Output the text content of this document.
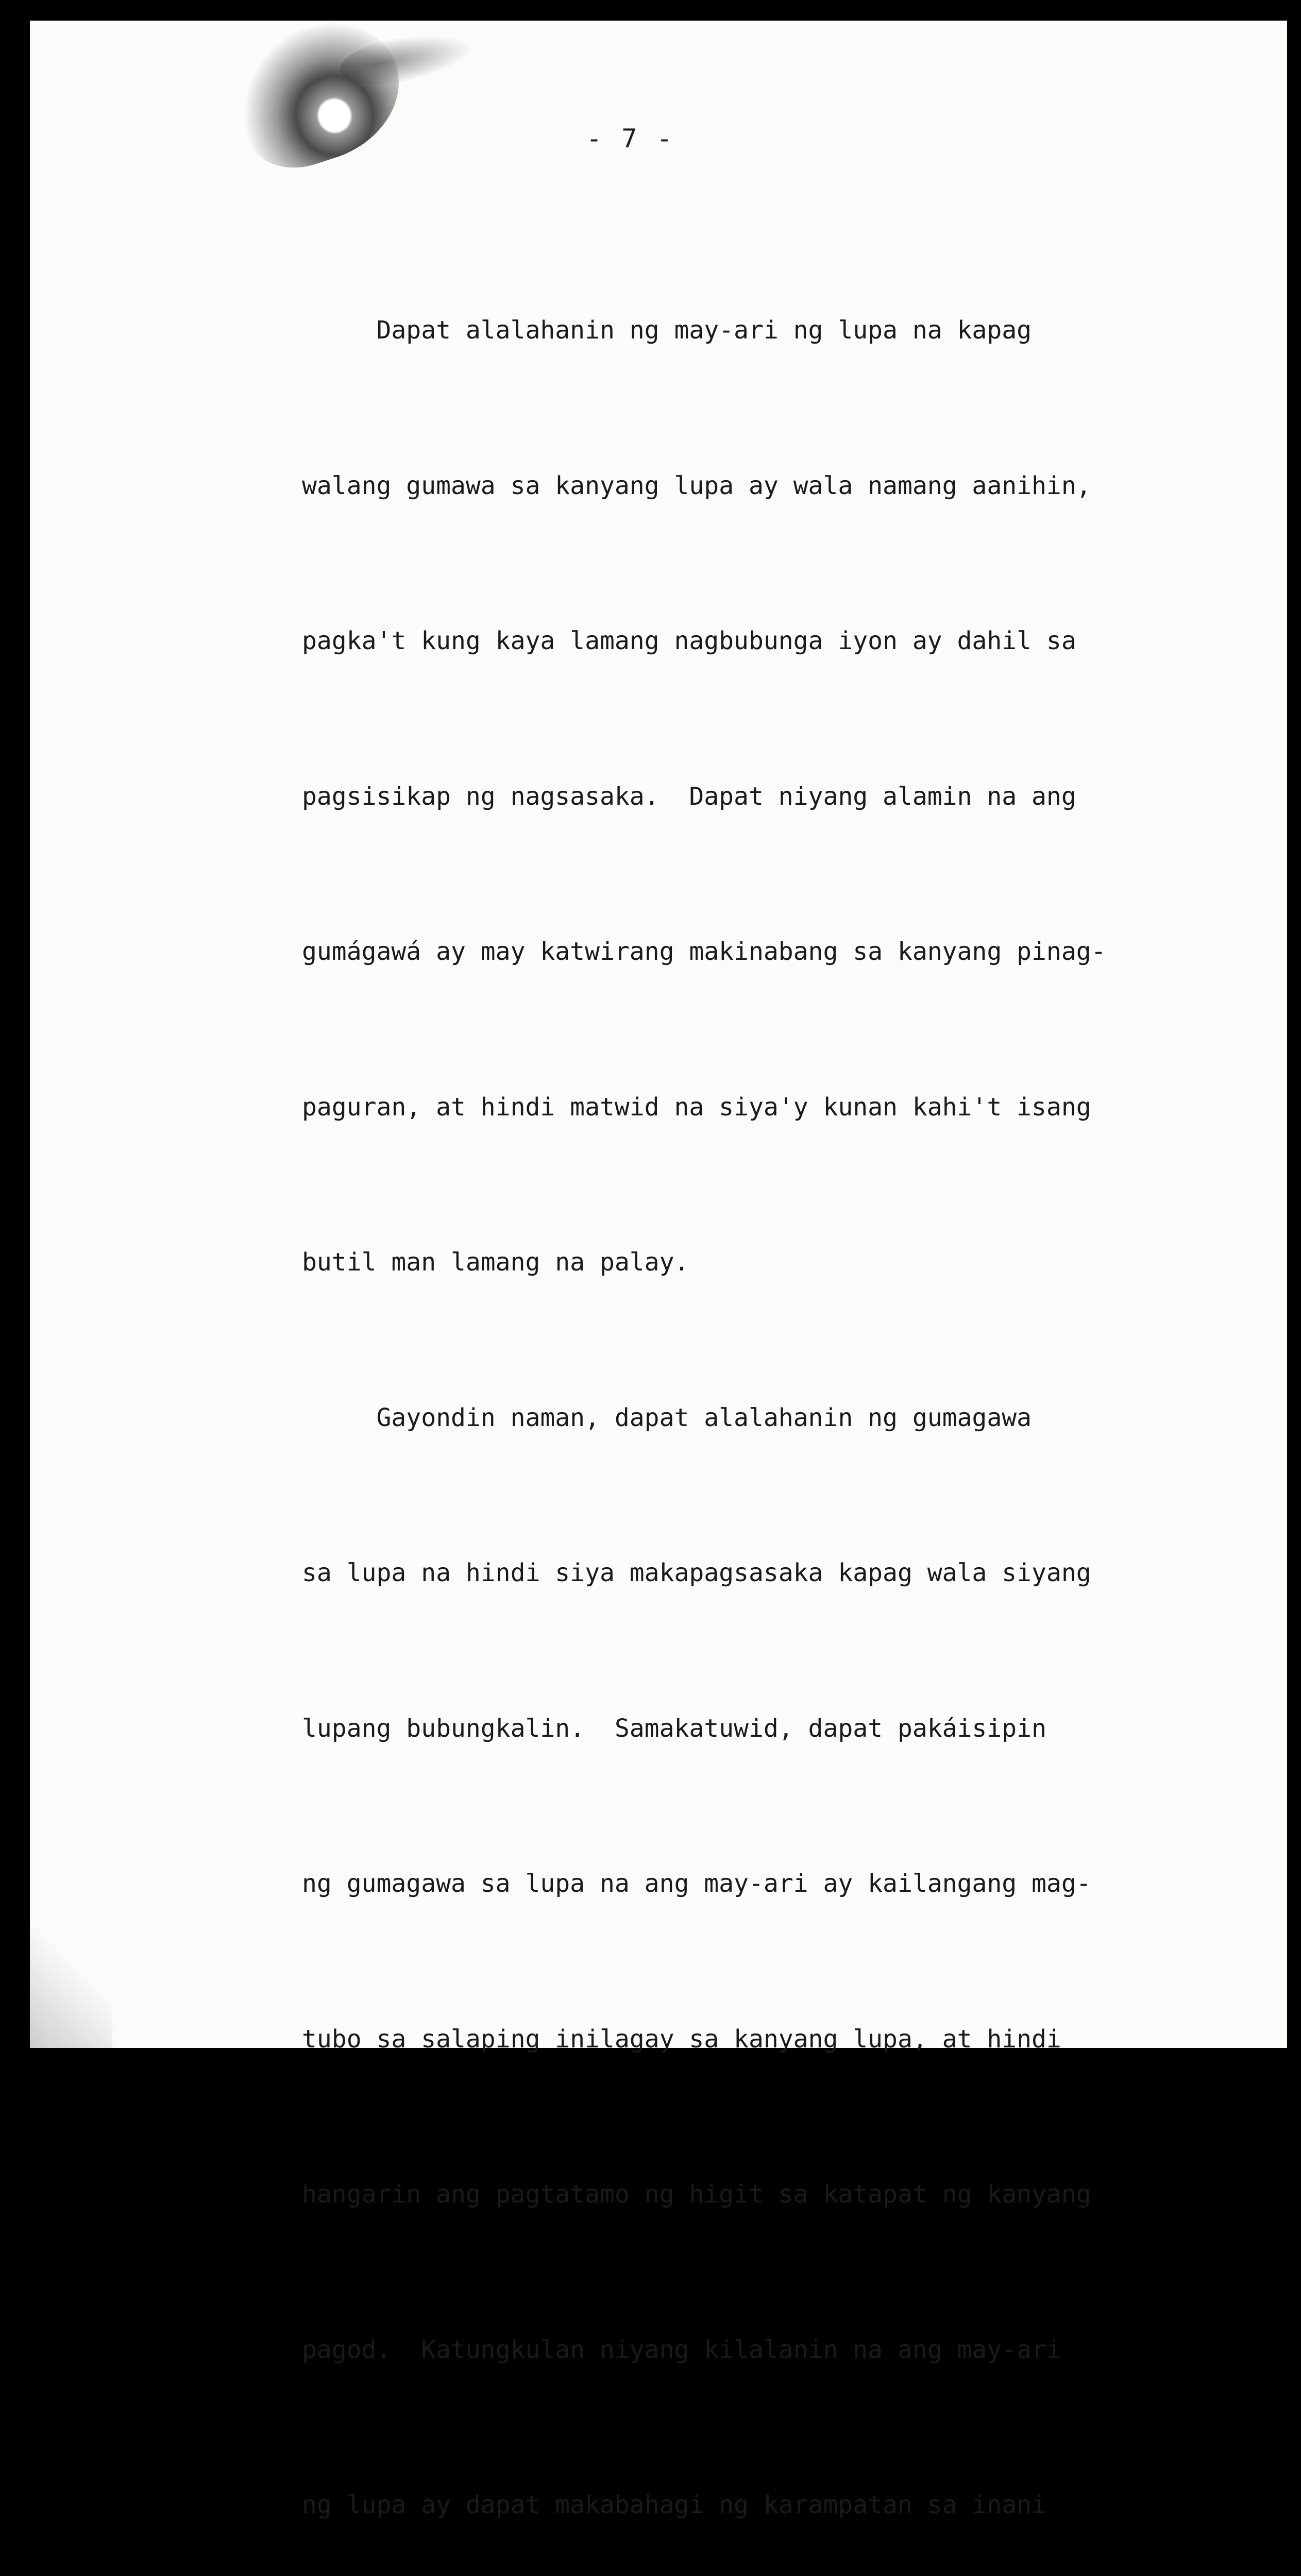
- 7 -

Dapat alalahanin ng may-ari ng lupa na kapag

walang gumawa sa kanyang lupa ay wala namang aanihin,

pagka't kung kaya lamang nagbubunga iyon ay dahil sa

pagsisikap ng nagsasaka.  Dapat niyang alamin na ang

gumágawá ay may katwirang makinabang sa kanyang pinag-

paguran, at hindi matwid na siya'y kunan kahi't isang

butil man lamang na palay.

Gayondin naman, dapat alalahanin ng gumagawa

sa lupa na hindi siya makapagsasaka kapag wala siyang

lupang bubungkalin.  Samakatuwid, dapat pakáisipin

ng gumagawa sa lupa na ang may-ari ay kailangang mag-

tubo sa salaping inilagay sa kanyang lupa, at hindi

hangarin ang pagtatamo ng higit sa katapat ng kanyang

pagod.  Katungkulan niyang kilalanin na ang may-ari

ng lupa ay dapat makabahagi ng karampatan sa inani
